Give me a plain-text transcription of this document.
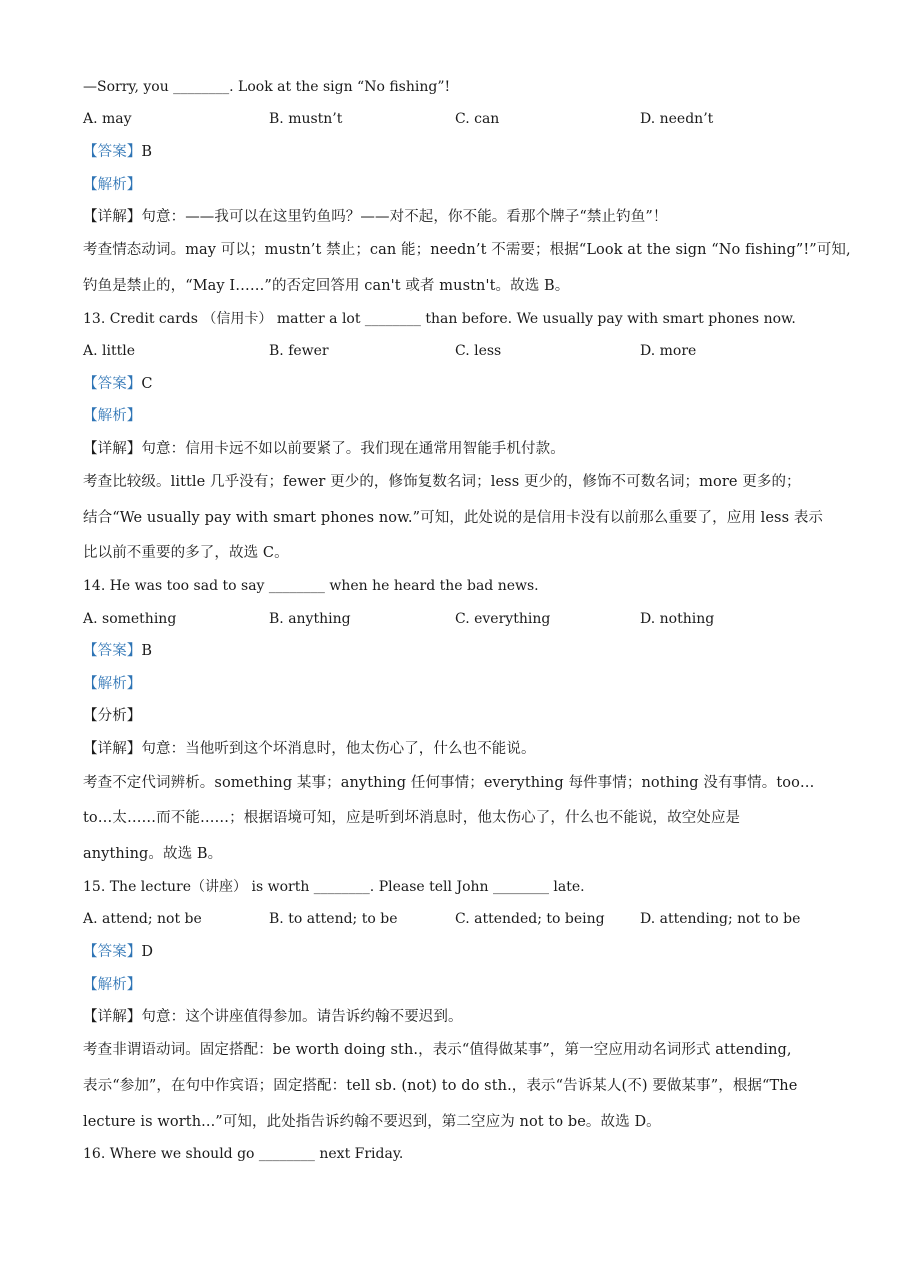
—Sorry, you ________. Look at the sign “No fishing”!
A. may	B. mustn’t	C. can	D. needn’t
【答案】B
【解析】
【详解】句意：——我可以在这里钓鱼吗？——对不起，你不能。看那个牌子“禁止钓鱼”！
考查情态动词。may 可以；mustn’t 禁止；can 能；needn’t 不需要；根据“Look at the sign “No fishing”!”可知,
钓鱼是禁止的，“May I……”的否定回答用 can't 或者 mustn't。故选 B。
13. Credit cards （信用卡） matter a lot ________ than before. We usually pay with smart phones now.
A. little	B. fewer	C. less	D. more
【答案】C
【解析】
【详解】句意：信用卡远不如以前要紧了。我们现在通常用智能手机付款。
考查比较级。little 几乎没有；fewer 更少的，修饰复数名词；less 更少的，修饰不可数名词；more 更多的；
结合“We usually pay with smart phones now.”可知，此处说的是信用卡没有以前那么重要了，应用 less 表示
比以前不重要的多了，故选 C。
14. He was too sad to say ________ when he heard the bad news.
A. something	B. anything	C. everything	D. nothing
【答案】B
【解析】
【分析】
【详解】句意：当他听到这个坏消息时，他太伤心了，什么也不能说。
考查不定代词辨析。something 某事；anything 任何事情；everything 每件事情；nothing 没有事情。too…
to…太……而不能……；根据语境可知，应是听到坏消息时，他太伤心了，什么也不能说，故空处应是
anything。故选 B。
15. The lecture（讲座） is worth ________. Please tell John ________ late.
A. attend; not be	B. to attend; to be	C. attended; to being	D. attending; not to be
【答案】D
【解析】
【详解】句意：这个讲座值得参加。请告诉约翰不要迟到。
考查非谓语动词。固定搭配：be worth doing sth.，表示“值得做某事”，第一空应用动名词形式 attending,
表示“参加”，在句中作宾语；固定搭配：tell sb. (not) to do sth.，表示“告诉某人(不) 要做某事”，根据“The
lecture is worth...”可知，此处指告诉约翰不要迟到，第二空应为 not to be。故选 D。
16. Where we should go ________ next Friday.
